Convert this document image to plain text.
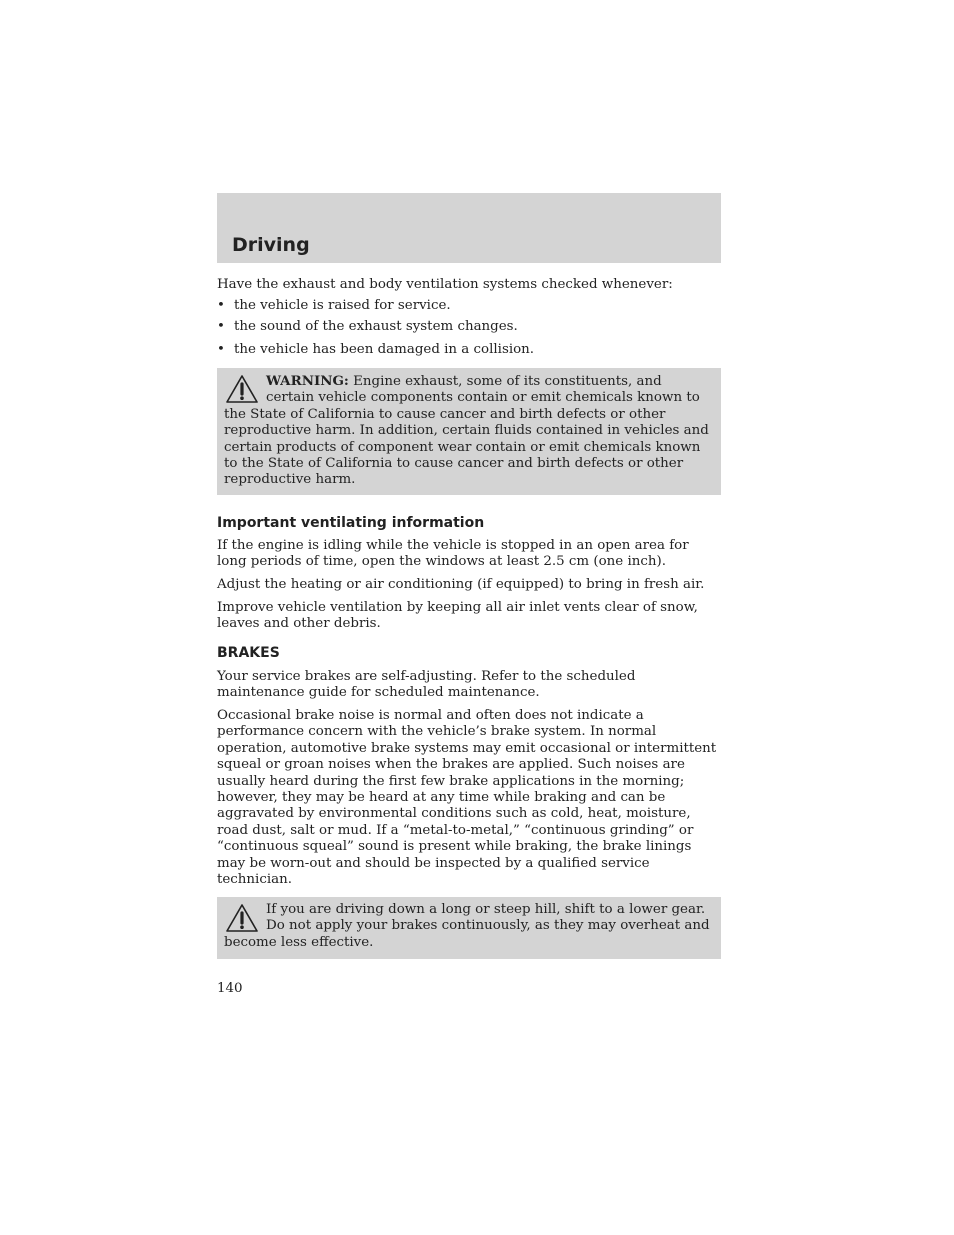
Driving

Have the exhaust and body ventilation systems checked whenever:

• the vehicle is raised for service.
• the sound of the exhaust system changes.
• the vehicle has been damaged in a collision.
WARNING: Engine exhaust, some of its constituents, and certain vehicle components contain or emit chemicals known to the State of California to cause cancer and birth defects or other reproductive harm. In addition, certain fluids contained in vehicles and certain products of component wear contain or emit chemicals known to the State of California to cause cancer and birth defects or other reproductive harm.
Important ventilating information

If the engine is idling while the vehicle is stopped in an open area for long periods of time, open the windows at least 2.5 cm (one inch).

Adjust the heating or air conditioning (if equipped) to bring in fresh air.

Improve vehicle ventilation by keeping all air inlet vents clear of snow, leaves and other debris.

BRAKES

Your service brakes are self-adjusting. Refer to the scheduled maintenance guide for scheduled maintenance.

Occasional brake noise is normal and often does not indicate a performance concern with the vehicle’s brake system. In normal operation, automotive brake systems may emit occasional or intermittent squeal or groan noises when the brakes are applied. Such noises are usually heard during the first few brake applications in the morning; however, they may be heard at any time while braking and can be aggravated by environmental conditions such as cold, heat, moisture, road dust, salt or mud. If a “metal-to-metal,” “continuous grinding” or “continuous squeal” sound is present while braking, the brake linings may be worn-out and should be inspected by a qualified service technician.

If you are driving down a long or steep hill, shift to a lower gear. Do not apply your brakes continuously, as they may overheat and become less effective.
140
